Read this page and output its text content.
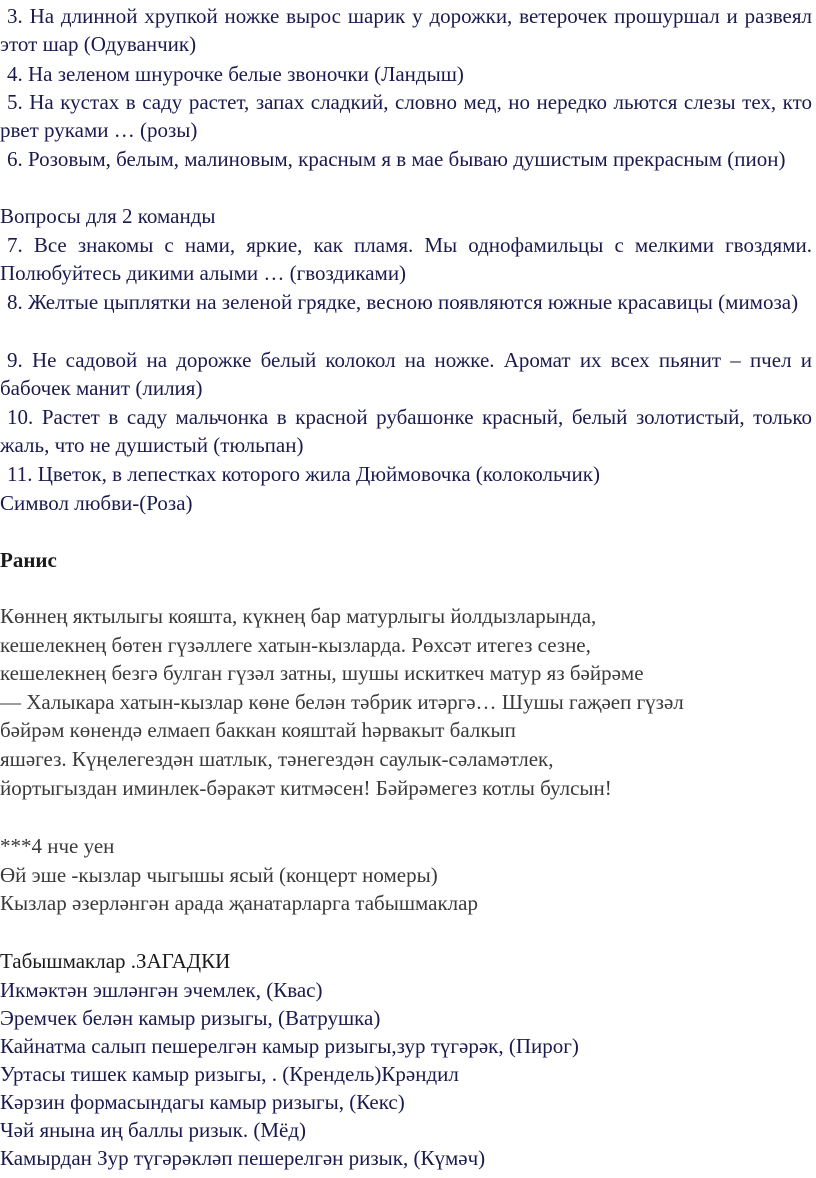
3. На длинной хрупкой ножке вырос шарик у дорожки, ветерочек прошуршал и развеял этот шар (Одуванчик)

4. На зеленом шнурочке белые звоночки (Ландыш)

5. На кустах в саду растет, запах сладкий, словно мед, но нередко льются слезы тех, кто рвет руками … (розы)

6. Розовым, белым, малиновым, красным я в мае бываю душистым прекрасным (пион)

Вопросы для 2 команды

7. Все знакомы с нами, яркие, как пламя. Мы однофамильцы с мелкими гвоздями. Полюбуйтесь дикими алыми … (гвоздиками)

8. Желтые цыплятки на зеленой грядке, весною появляются южные красавицы (мимоза)

9. Не садовой на дорожке белый колокол на ножке. Аромат их всех пьянит – пчел и бабочек манит (лилия)

10. Растет в саду мальчонка в красной рубашонке красный, белый золотистый, только жаль, что не душистый (тюльпан)

11. Цветок, в лепестках которого жила Дюймовочка (колокольчик)

Символ любви-(Роза)

Ранис

Көннең яктылыгы кояшта, күкнең бар матурлыгы йолдызларында,
кешелекнең бөтен гүзәллеге хатын-кызларда. Рөхсәт итегез сезне,
кешелекнең безгә булган гүзәл затны, шушы искиткеч матур яз бәйрәме
— Халыкара хатын-кызлар көне белән тәбрик итәргә… Шушы гаҗәеп гүзәл
бәйрәм көнендә елмаеп баккан кояштай һәрвакыт балкып
яшәгез. Күңелегездән шатлык, тәнегездән саулык-сәламәтлек,
йортыгыздан иминлек-бәракәт китмәсен! Бәйрәмегез котлы булсын!
***4 нче уен
Өй эше -кызлар чыгышы ясый (концерт номеры)
Кызлар әзерләнгән арада җанатарларга табышмаклар

Табышмаклар .ЗАГАДКИ

Икмәктән эшләнгән эчемлек, (Квас)
Эремчек белән камыр ризыгы, (Ватрушка)
Кайнатма салып пешерелгән камыр ризыгы,зур түгәрәк, (Пирог)
Уртасы тишек камыр ризыгы, . (Крендель)Крәндил
Кәрзин формасындагы камыр ризыгы, (Кекс)
Чәй янына иң баллы ризык. (Мёд)
Камырдан Зур түгәрәкләп пешерелгән ризык, (Күмәч)
